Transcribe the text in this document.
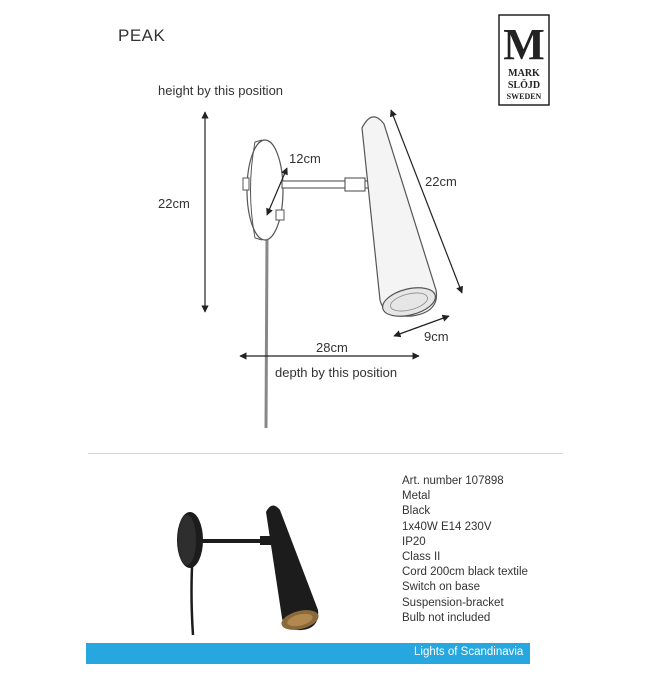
PEAK	M
MARK
SLÖJD
SWEDEN
height by this position
22cm
12cm
22cm
9cm
28cm
depth by this position
Art. number 107898
Metal
Black
1x40W E14 230V
IP20
Class II
Cord 200cm black textile
Switch on base
Suspension-bracket
Bulb not included
Lights of Scandinavia
